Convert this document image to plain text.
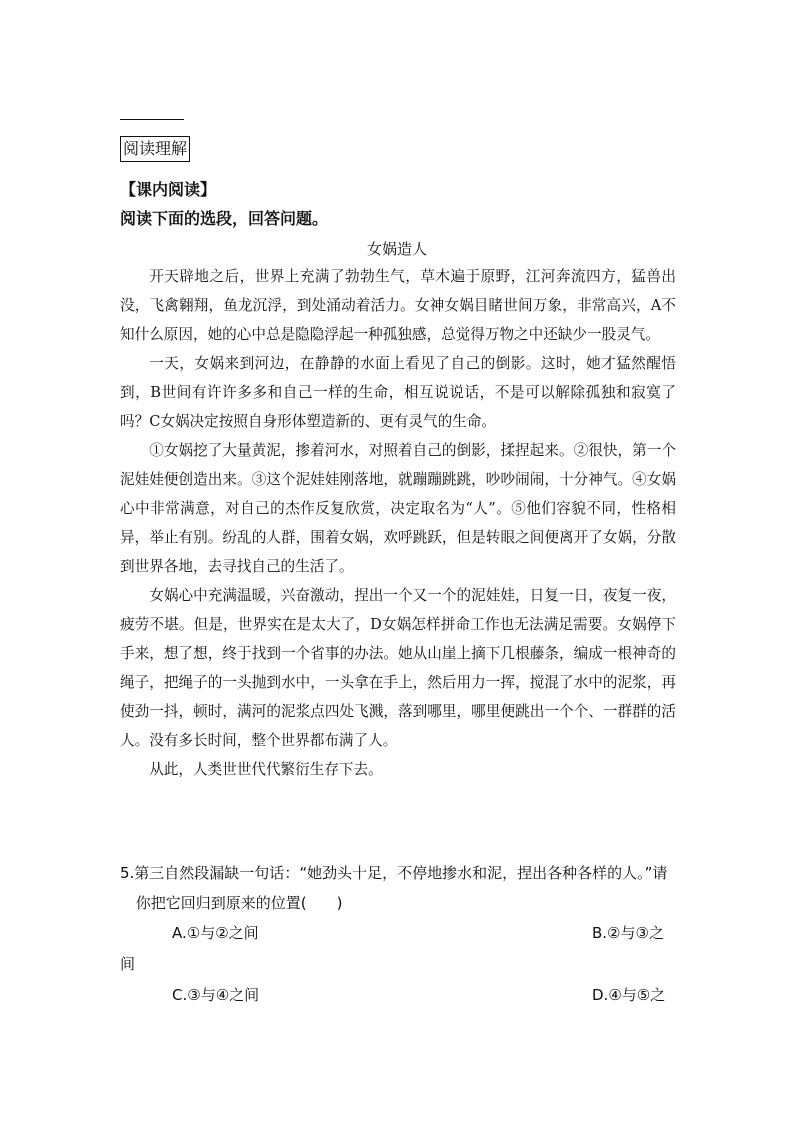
阅读理解
【课内阅读】
阅读下面的选段，回答问题。
女娲造人

开天辟地之后，世界上充满了勃勃生气，草木遍于原野，江河奔流四方，猛兽出没，飞禽翱翔，鱼龙沉浮，到处涌动着活力。女神女娲目睹世间万象，非常高兴，A不知什么原因，她的心中总是隐隐浮起一种孤独感，总觉得万物之中还缺少一股灵气。

一天，女娲来到河边，在静静的水面上看见了自己的倒影。这时，她才猛然醒悟到，B世间有许许多多和自己一样的生命，相互说说话，不是可以解除孤独和寂寞了吗？C女娲决定按照自身形体塑造新的、更有灵气的生命。

①女娲挖了大量黄泥，掺着河水，对照着自己的倒影，揉捏起来。②很快，第一个泥娃娃便创造出来。③这个泥娃娃刚落地，就蹦蹦跳跳，吵吵闹闹，十分神气。④女娲心中非常满意，对自己的杰作反复欣赏，决定取名为“人”。⑤他们容貌不同，性格相异，举止有别。纷乱的人群，围着女娲，欢呼跳跃，但是转眼之间便离开了女娲，分散到世界各地，去寻找自己的生活了。

女娲心中充满温暖，兴奋激动，捏出一个又一个的泥娃娃，日复一日，夜复一夜，疲劳不堪。但是，世界实在是太大了，D女娲怎样拼命工作也无法满足需要。女娲停下手来，想了想，终于找到一个省事的办法。她从山崖上摘下几根藤条，编成一根神奇的绳子，把绳子的一头抛到水中，一头拿在手上，然后用力一挥，搅混了水中的泥浆，再使劲一抖，顿时，满河的泥浆点四处飞溅，落到哪里，哪里便跳出一个个、一群群的活人。没有多长时间，整个世界都布满了人。

从此，人类世世代代繁衍生存下去。

5.第三自然段漏缺一句话：“她劲头十足，不停地掺水和泥，捏出各种各样的人。”请你把它回归到原来的位置(　　)
A.①与②之间	B.②与③之
间
C.③与④之间	D.④与⑤之
